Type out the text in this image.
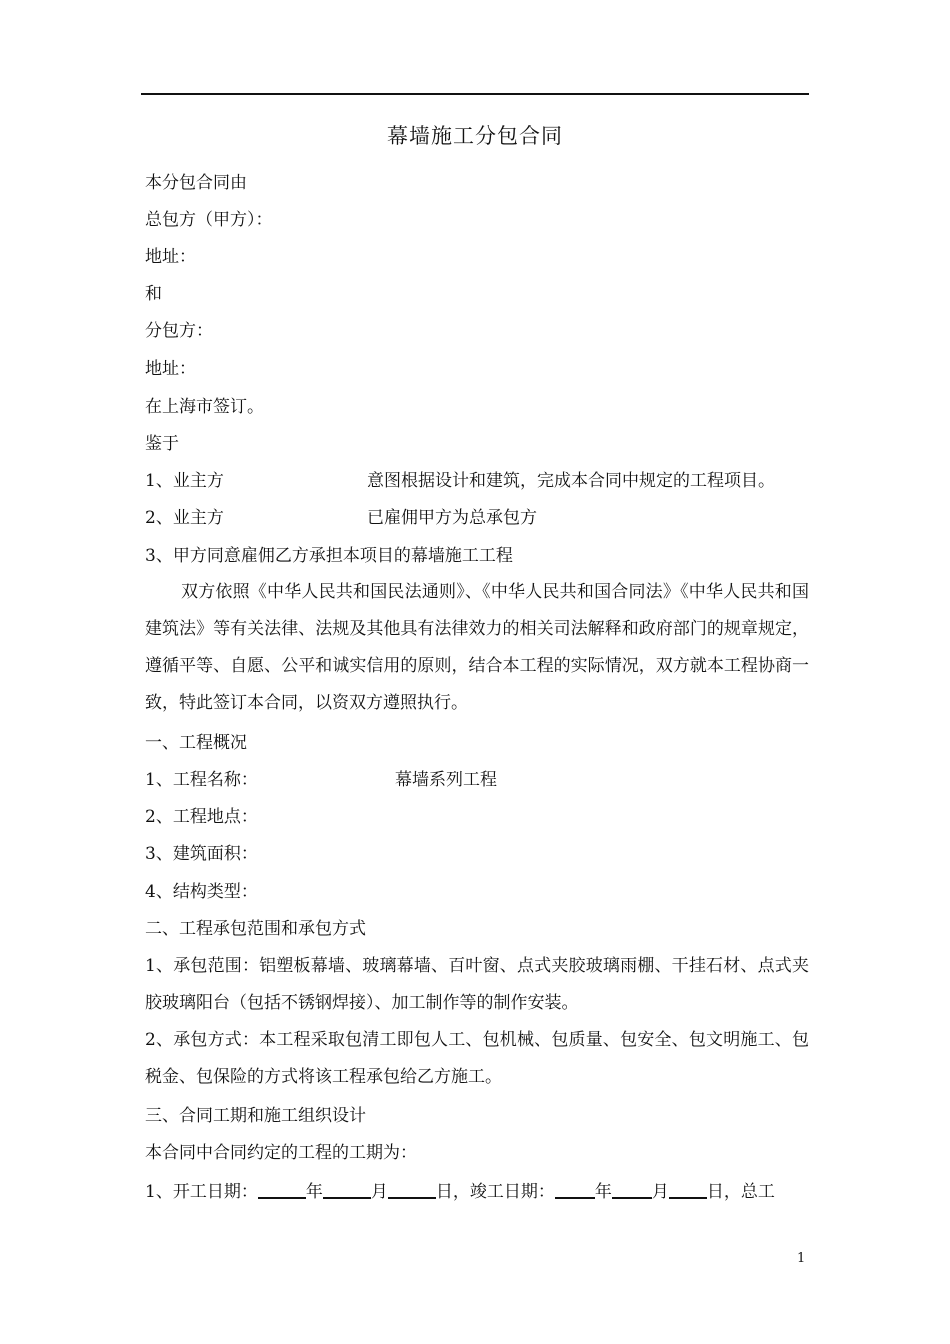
幕墙施工分包合同
本分包合同由
总包方（甲方）：
地址：
和
分包方：
地址：
在上海市签订。
鉴于
1、业主方	意图根据设计和建筑，完成本合同中规定的工程项目。
2、业主方	已雇佣甲方为总承包方
3、甲方同意雇佣乙方承担本项目的幕墙施工工程
双方依照《中华人民共和国民法通则》、《中华人民共和国合同法》《中华人民共和国建筑法》等有关法律、法规及其他具有法律效力的相关司法解释和政府部门的规章规定，遵循平等、自愿、公平和诚实信用的原则，结合本工程的实际情况，双方就本工程协商一致，特此签订本合同，以资双方遵照执行。
一、工程概况
1、工程名称：	幕墙系列工程
2、工程地点：
3、建筑面积：
4、结构类型：
二、工程承包范围和承包方式
1、承包范围：铝塑板幕墙、玻璃幕墙、百叶窗、点式夹胶玻璃雨棚、干挂石材、点式夹胶玻璃阳台（包括不锈钢焊接）、加工制作等的制作安装。
2、承包方式：本工程采取包清工即包人工、包机械、包质量、包安全、包文明施工、包税金、包保险的方式将该工程承包给乙方施工。
三、合同工期和施工组织设计
本合同中合同约定的工程的工期为：
1、开工日期：	年	月	日，竣工日期： 年 月 日，总工
1
